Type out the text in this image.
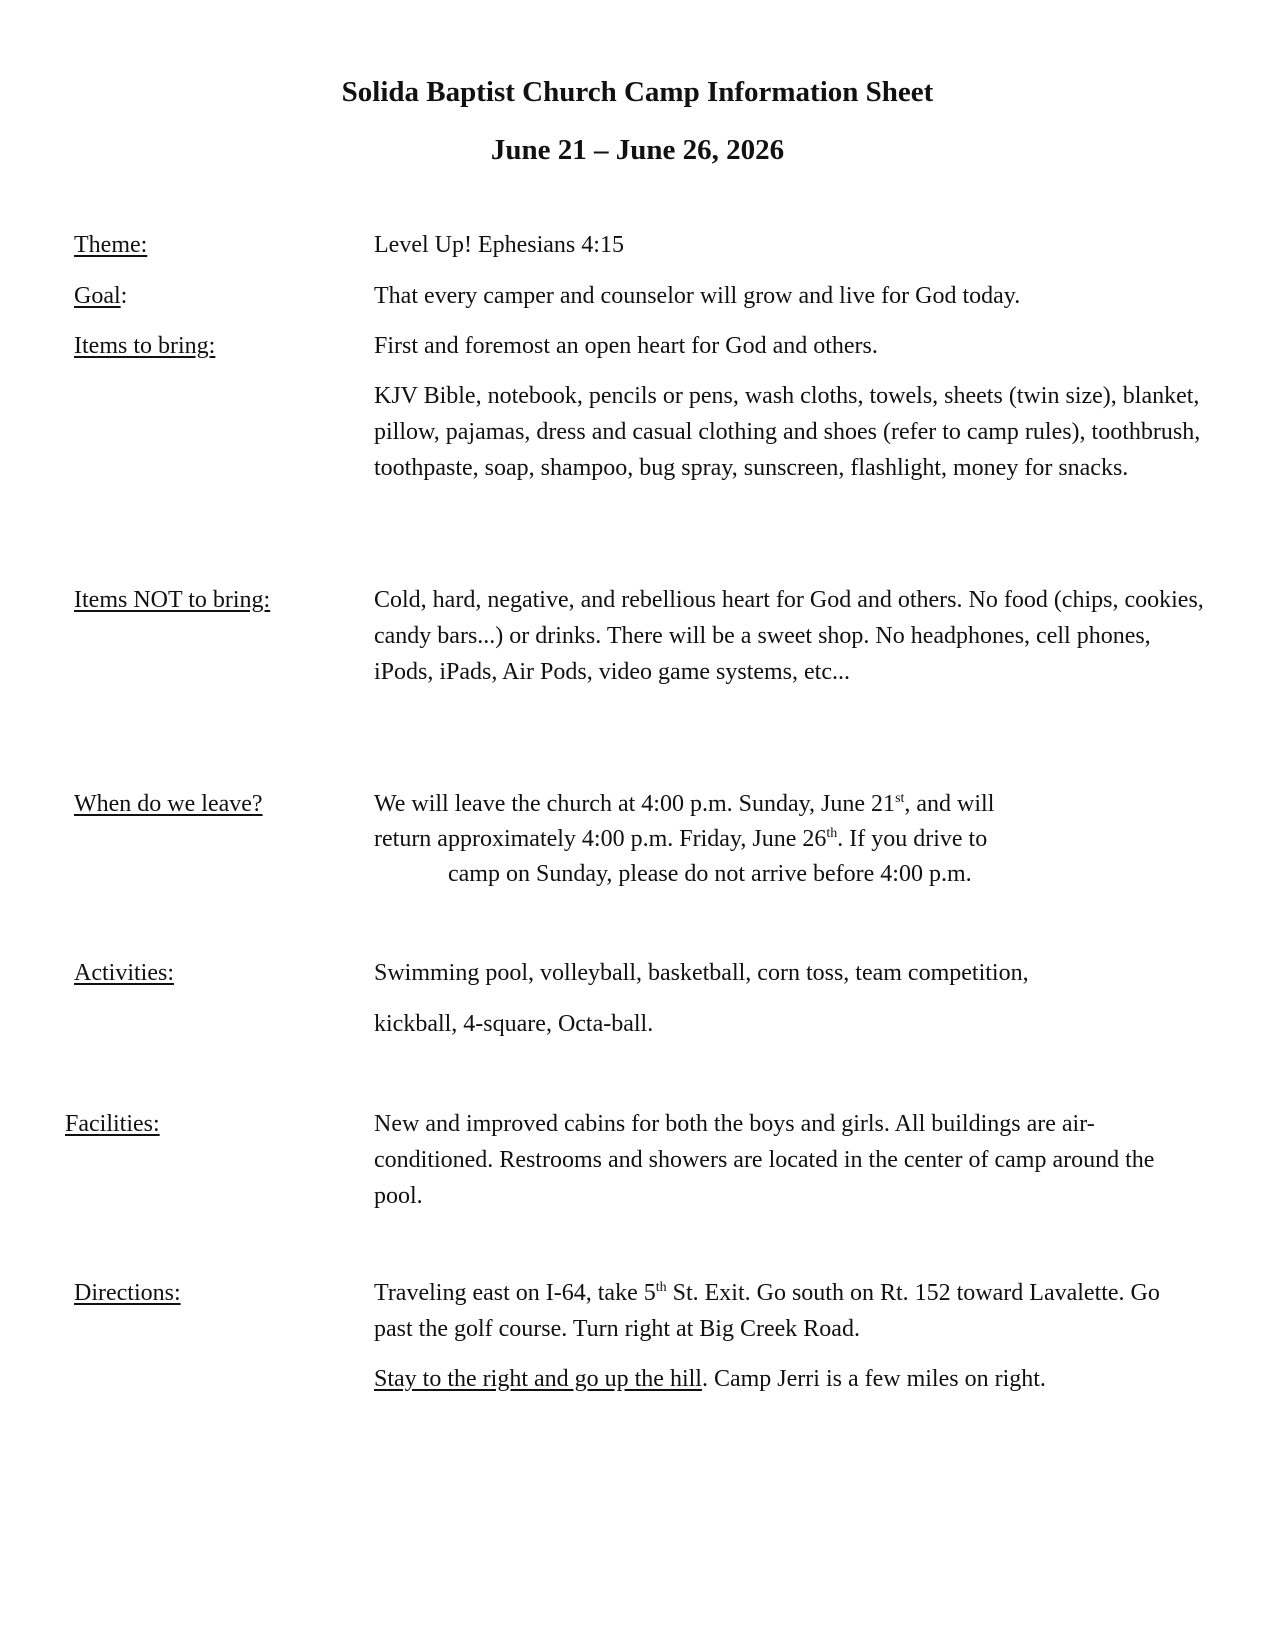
Solida Baptist Church Camp Information Sheet
June 21 – June 26, 2026

Theme:	Level Up! Ephesians 4:15

Goal:	That every camper and counselor will grow and live for God today.

Items to bring:	First and foremost an open heart for God and others.

KJV Bible, notebook, pencils or pens, wash cloths, towels, sheets (twin size), blanket, pillow, pajamas, dress and casual clothing and shoes (refer to camp rules), toothbrush, toothpaste, soap, shampoo, bug spray, sunscreen, flashlight, money for snacks.

Items NOT to bring:	Cold, hard, negative, and rebellious heart for God and others. No food (chips, cookies, candy bars...) or drinks. There will be a sweet shop. No headphones, cell phones, iPods, iPads, Air Pods, video game systems, etc...

When do we leave?	We will leave the church at 4:00 p.m. Sunday, June 21st, and will

return approximately 4:00 p.m. Friday, June 26th. If you drive to

camp on Sunday, please do not arrive before 4:00 p.m.

Activities:	Swimming pool, volleyball, basketball, corn toss, team competition,

kickball, 4-square, Octa-ball.

Facilities:	New and improved cabins for both the boys and girls. All buildings are air-conditioned. Restrooms and showers are located in the center of camp around the pool.

Directions:	Traveling east on I-64, take 5th St. Exit. Go south on Rt. 152 toward Lavalette. Go past the golf course. Turn right at Big Creek Road.

Stay to the right and go up the hill. Camp Jerri is a few miles on right.
